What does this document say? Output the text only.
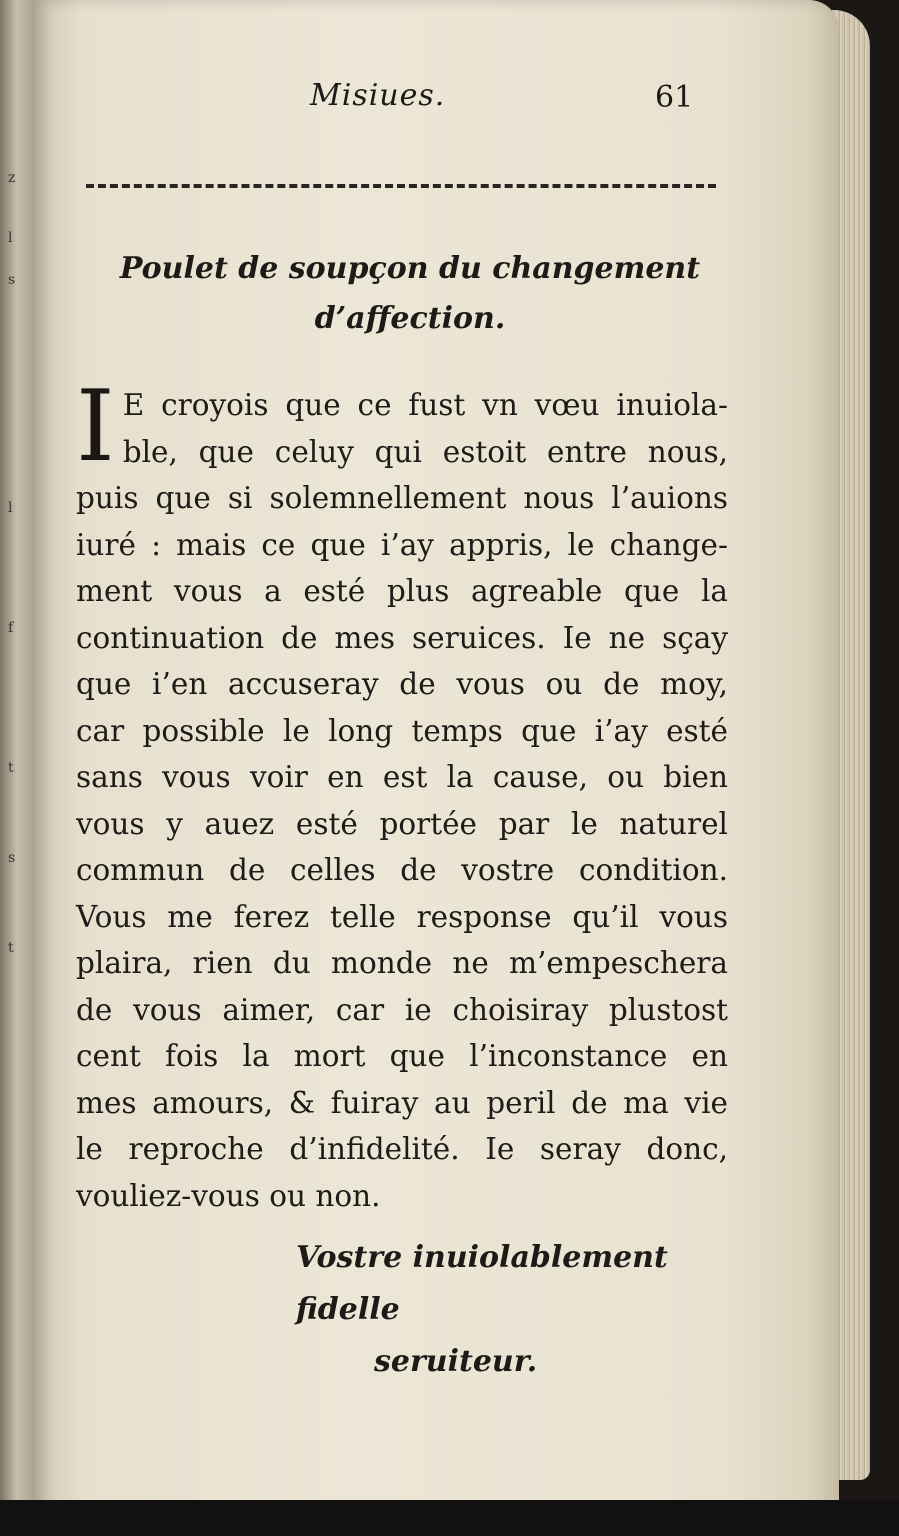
z
l
s
l
f
t
s
t
Misiues.	61
Poulet de soupçon du changement
d’affection.
I E croyois que ce fust vn vœu inuiola-
ble, que celuy qui estoit entre nous,
puis que si solemnellement nous l’auions
iuré : mais ce que i’ay appris, le change-
ment vous a esté plus agreable que la
continuation de mes seruices. Ie ne sçay
que i’en accuseray de vous ou de moy,
car possible le long temps que i’ay esté
sans vous voir en est la cause, ou bien
vous y auez esté portée par le naturel
commun de celles de vostre condition.
Vous me ferez telle response qu’il vous
plaira, rien du monde ne m’empeschera
de vous aimer, car ie choisiray plustost
cent fois la mort que l’inconstance en
mes amours, & fuiray au peril de ma vie
le reproche d’infidelité. Ie seray donc,
vouliez-vous ou non.
Vostre inuiolablement fidelle
seruiteur.
